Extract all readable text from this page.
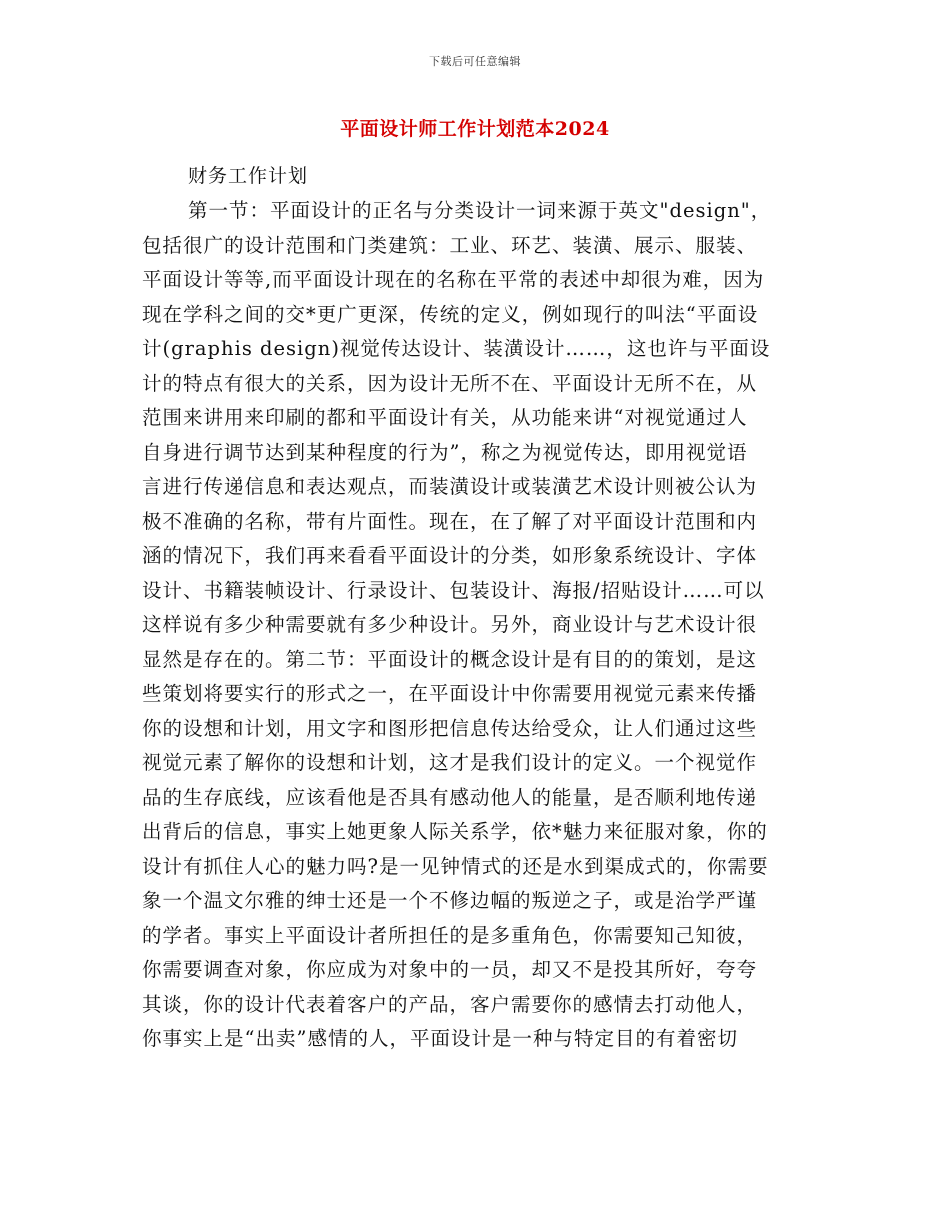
下载后可任意编辑
平面设计师工作计划范本2024
财务工作计划
第一节：平面设计的正名与分类设计一词来源于英文"design"，
包括很广的设计范围和门类建筑：工业、环艺、装潢、展示、服装、
平面设计等等,而平面设计现在的名称在平常的表述中却很为难，因为
现在学科之间的交*更广更深，传统的定义，例如现行的叫法“平面设
计(graphis design)视觉传达设计、装潢设计……，这也许与平面设
计的特点有很大的关系，因为设计无所不在、平面设计无所不在，从
范围来讲用来印刷的都和平面设计有关，从功能来讲“对视觉通过人
自身进行调节达到某种程度的行为”，称之为视觉传达，即用视觉语
言进行传递信息和表达观点，而装潢设计或装潢艺术设计则被公认为
极不准确的名称，带有片面性。现在，在了解了对平面设计范围和内
涵的情况下，我们再来看看平面设计的分类，如形象系统设计、字体
设计、书籍装帧设计、行录设计、包装设计、海报/招贴设计……可以
这样说有多少种需要就有多少种设计。另外，商业设计与艺术设计很
显然是存在的。第二节：平面设计的概念设计是有目的的策划，是这
些策划将要实行的形式之一，在平面设计中你需要用视觉元素来传播
你的设想和计划，用文字和图形把信息传达给受众，让人们通过这些
视觉元素了解你的设想和计划，这才是我们设计的定义。一个视觉作
品的生存底线，应该看他是否具有感动他人的能量，是否顺利地传递
出背后的信息，事实上她更象人际关系学，依*魅力来征服对象，你的
设计有抓住人心的魅力吗?是一见钟情式的还是水到渠成式的，你需要
象一个温文尔雅的绅士还是一个不修边幅的叛逆之子，或是治学严谨
的学者。事实上平面设计者所担任的是多重角色，你需要知己知彼，
你需要调查对象，你应成为对象中的一员，却又不是投其所好，夸夸
其谈，你的设计代表着客户的产品，客户需要你的感情去打动他人，
你事实上是“出卖”感情的人，平面设计是一种与特定目的有着密切
